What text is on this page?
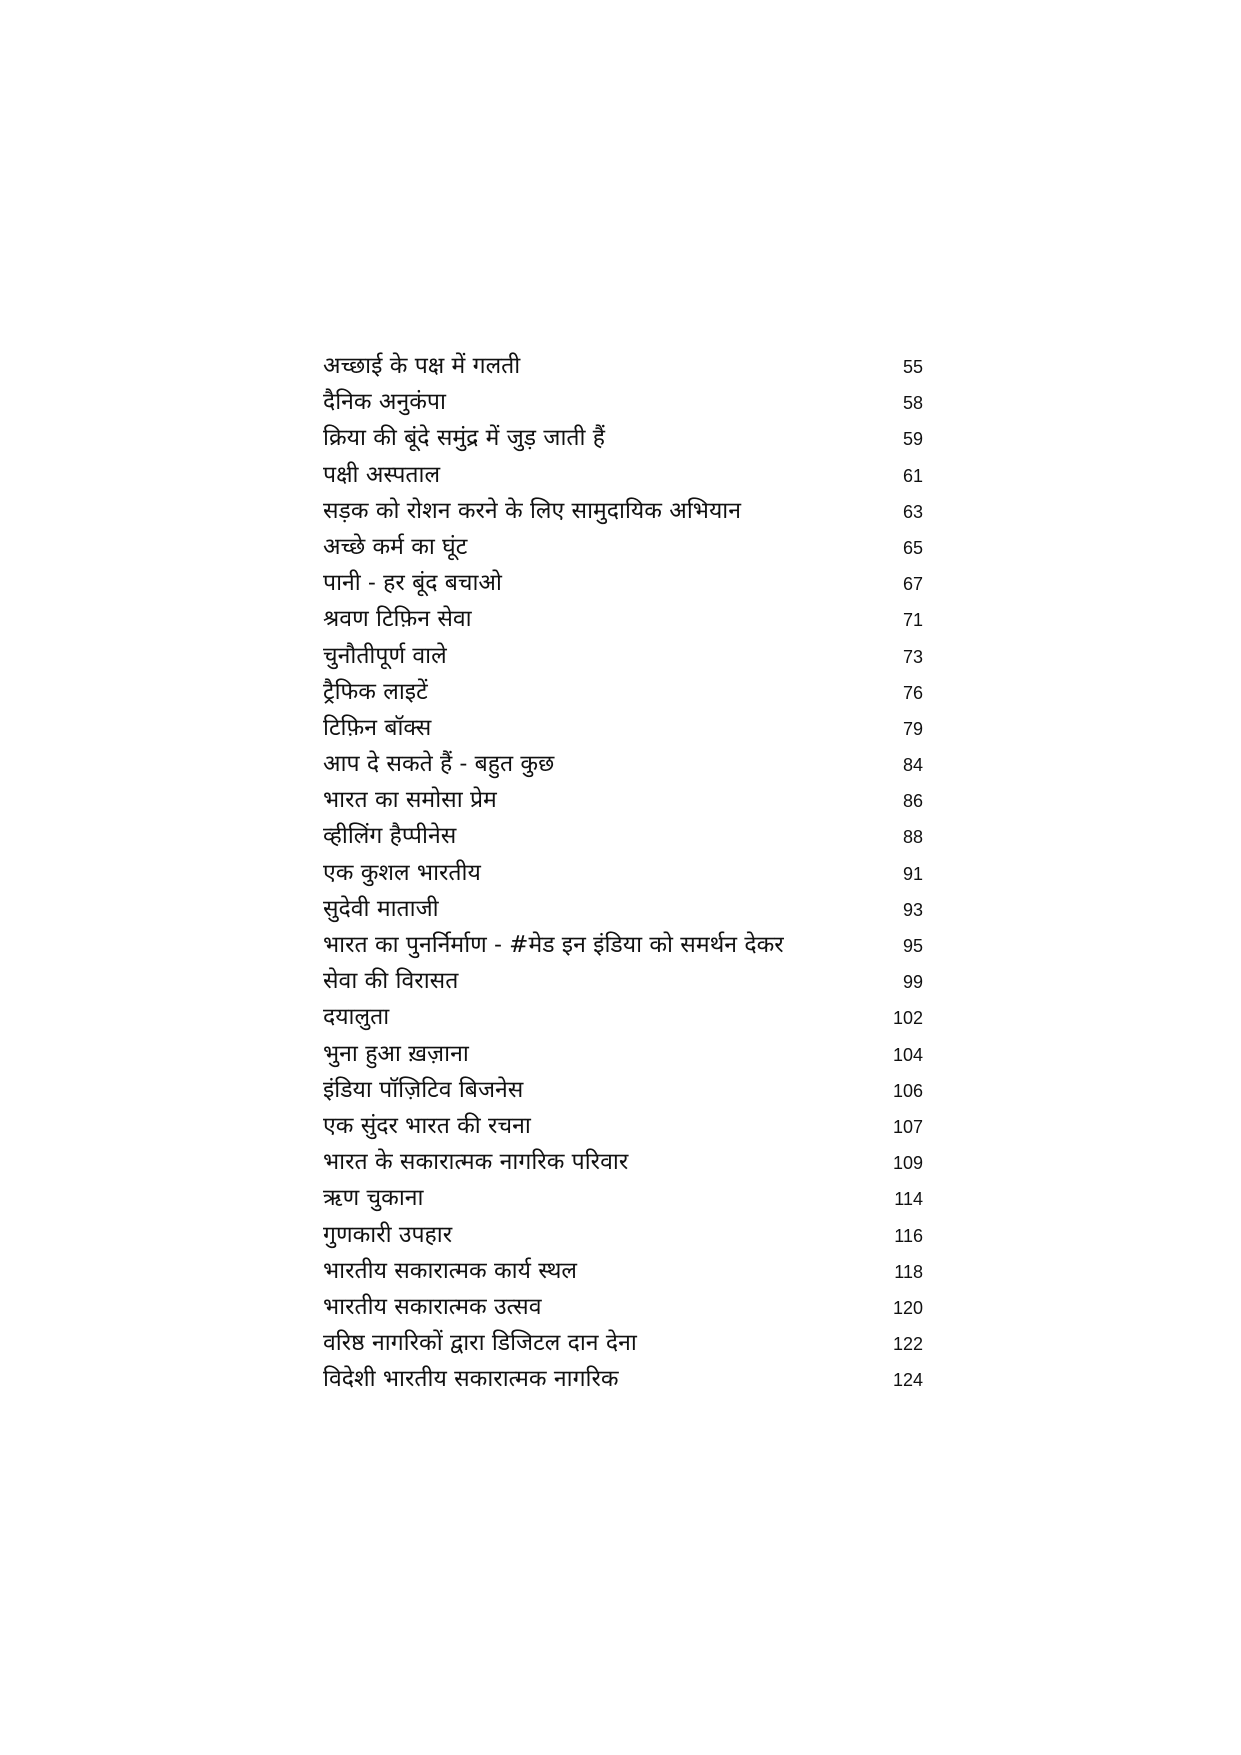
अच्छाई के पक्ष में गलती	55
दैनिक अनुकंपा	58
क्रिया की बूंदे समुंद्र में जुड़ जाती हैं	59
पक्षी अस्पताल	61
सड़क को रोशन करने के लिए सामुदायिक अभियान	63
अच्छे कर्म का घूंट	65
पानी - हर बूंद बचाओ	67
श्रवण टिफ़िन सेवा	71
चुनौतीपूर्ण वाले	73
ट्रैफिक लाइटें	76
टिफ़िन बॉक्स	79
आप दे सकते हैं - बहुत कुछ	84
भारत का समोसा प्रेम	86
व्हीलिंग हैप्पीनेस	88
एक कुशल भारतीय	91
सुदेवी माताजी	93
भारत का पुनर्निर्माण - #मेड इन इंडिया को समर्थन देकर	95
सेवा की विरासत	99
दयालुता	102
भुना हुआ ख़ज़ाना	104
इंडिया पॉज़िटिव बिजनेस	106
एक सुंदर भारत की रचना	107
भारत के सकारात्मक नागरिक परिवार	109
ऋण चुकाना	114
गुणकारी उपहार	116
भारतीय सकारात्मक कार्य स्थल	118
भारतीय सकारात्मक उत्सव	120
वरिष्ठ नागरिकों द्वारा डिजिटल दान देना	122
विदेशी भारतीय सकारात्मक नागरिक	124
